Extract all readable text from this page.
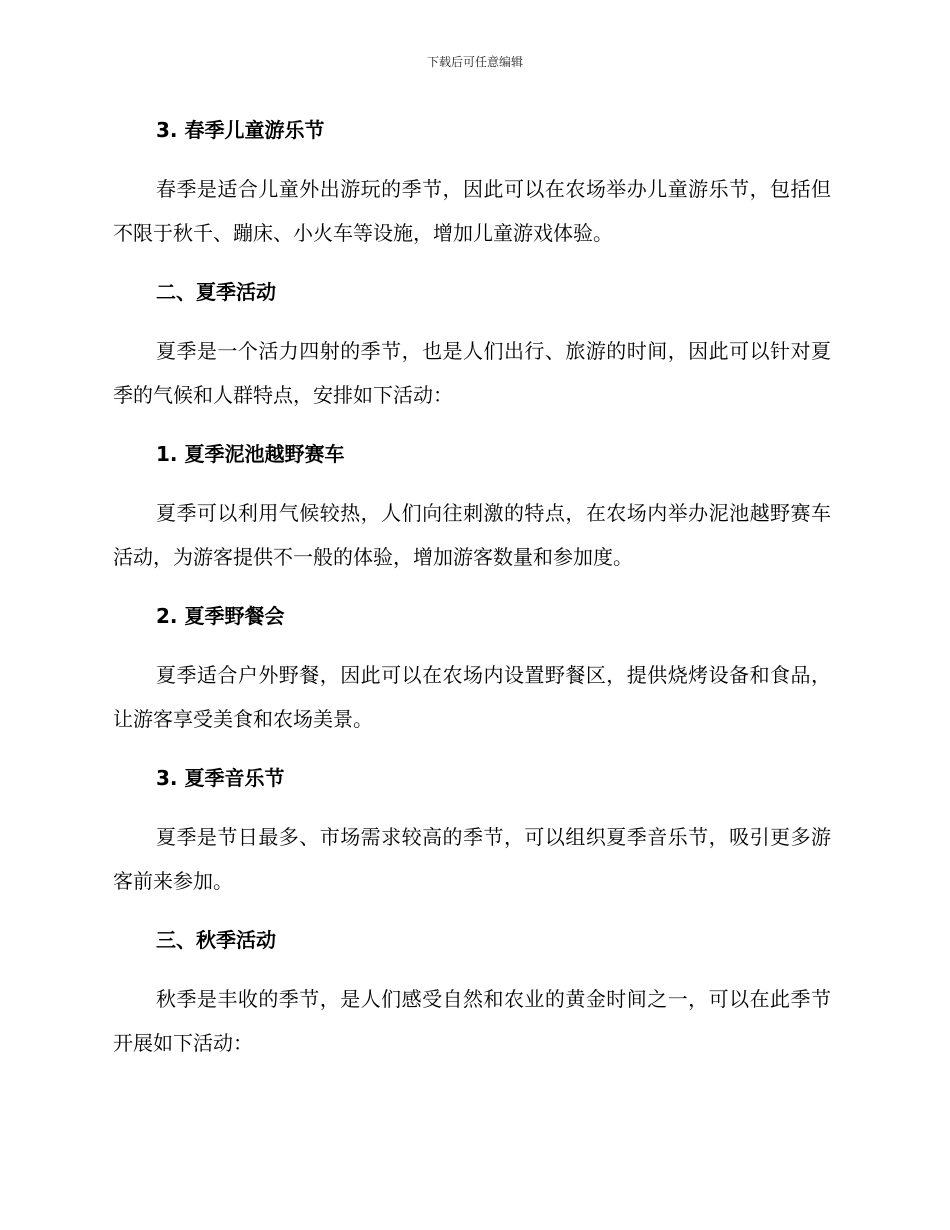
下载后可任意编辑
3. 春季儿童游乐节

春季是适合儿童外出游玩的季节，因此可以在农场举办儿童游乐节，包括但不限于秋千、蹦床、小火车等设施，增加儿童游戏体验。

二、夏季活动

夏季是一个活力四射的季节，也是人们出行、旅游的时间，因此可以针对夏季的气候和人群特点，安排如下活动：

1. 夏季泥池越野赛车

夏季可以利用气候较热，人们向往刺激的特点，在农场内举办泥池越野赛车活动，为游客提供不一般的体验，增加游客数量和参加度。

2. 夏季野餐会

夏季适合户外野餐，因此可以在农场内设置野餐区，提供烧烤设备和食品，让游客享受美食和农场美景。

3. 夏季音乐节

夏季是节日最多、市场需求较高的季节，可以组织夏季音乐节，吸引更多游客前来参加。

三、秋季活动

秋季是丰收的季节，是人们感受自然和农业的黄金时间之一，可以在此季节开展如下活动：
